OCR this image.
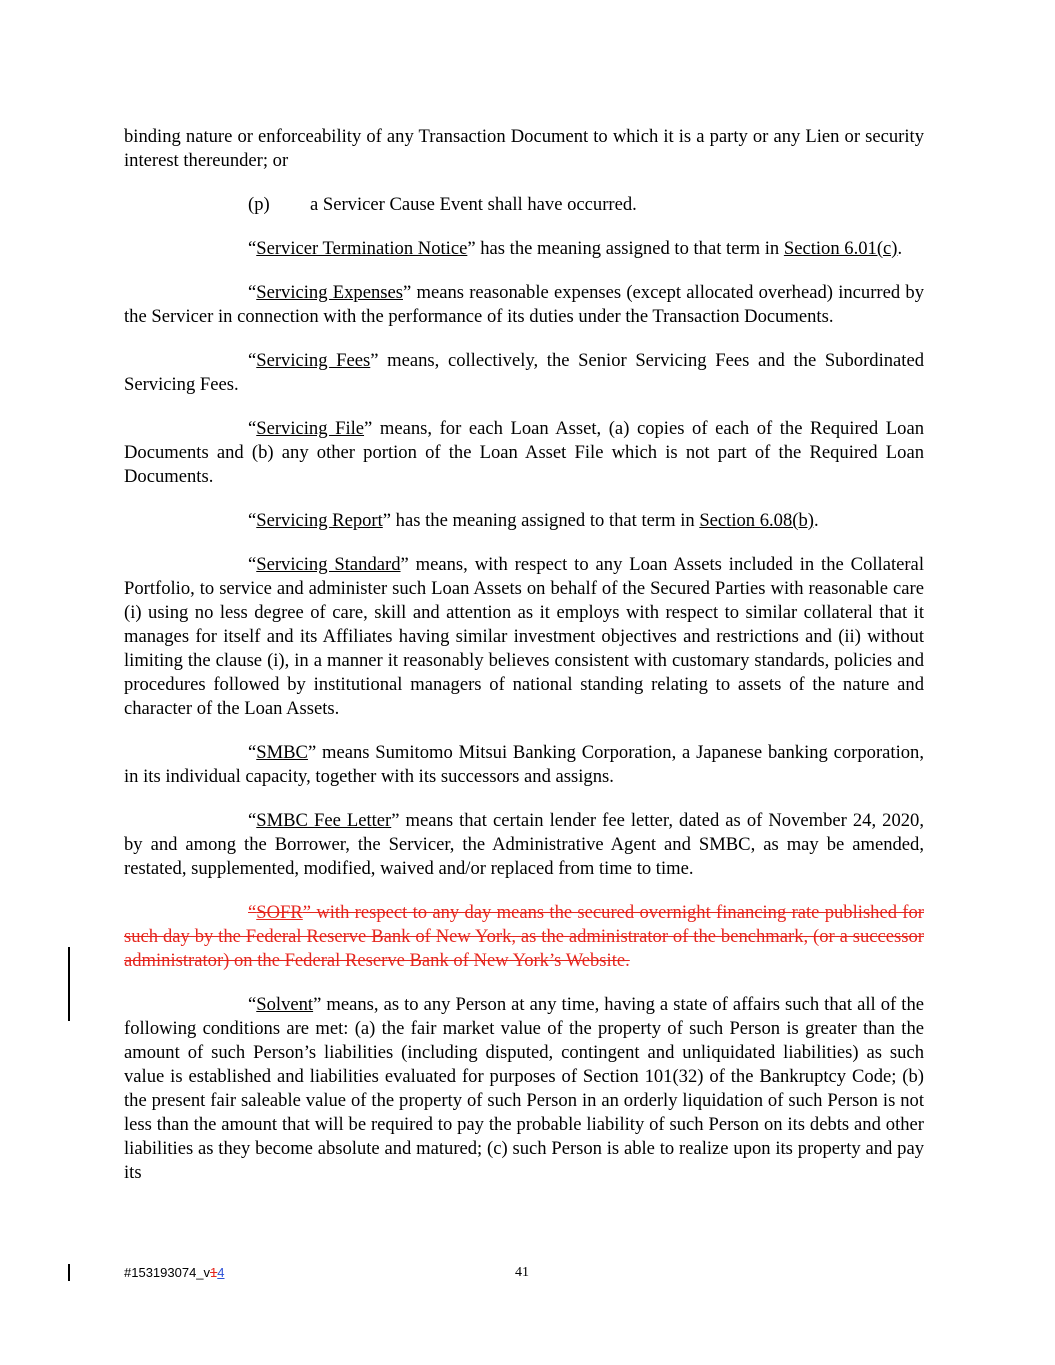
binding nature or enforceability of any Transaction Document to which it is a party or any Lien or security interest thereunder; or

(p) a Servicer Cause Event shall have occurred.

“Servicer Termination Notice” has the meaning assigned to that term in Section 6.01(c).

“Servicing Expenses” means reasonable expenses (except allocated overhead) incurred by the Servicer in connection with the performance of its duties under the Transaction Documents.

“Servicing Fees” means, collectively, the Senior Servicing Fees and the Subordinated Servicing Fees.

“Servicing File” means, for each Loan Asset, (a) copies of each of the Required Loan Documents and (b) any other portion of the Loan Asset File which is not part of the Required Loan Documents.

“Servicing Report” has the meaning assigned to that term in Section 6.08(b).

“Servicing Standard” means, with respect to any Loan Assets included in the Collateral Portfolio, to service and administer such Loan Assets on behalf of the Secured Parties with reasonable care (i) using no less degree of care, skill and attention as it employs with respect to similar collateral that it manages for itself and its Affiliates having similar investment objectives and restrictions and (ii) without limiting the clause (i), in a manner it reasonably believes consistent with customary standards, policies and procedures followed by institutional managers of national standing relating to assets of the nature and character of the Loan Assets.

“SMBC” means Sumitomo Mitsui Banking Corporation, a Japanese banking corporation, in its individual capacity, together with its successors and assigns.

“SMBC Fee Letter” means that certain lender fee letter, dated as of November 24, 2020, by and among the Borrower, the Servicer, the Administrative Agent and SMBC, as may be amended, restated, supplemented, modified, waived and/or replaced from time to time.

“SOFR” with respect to any day means the secured overnight financing rate published for such day by the Federal Reserve Bank of New York, as the administrator of the benchmark, (or a successor administrator) on the Federal Reserve Bank of New York’s Website.

“Solvent” means, as to any Person at any time, having a state of affairs such that all of the following conditions are met: (a) the fair market value of the property of such Person is greater than the amount of such Person’s liabilities (including disputed, contingent and unliquidated liabilities) as such value is established and liabilities evaluated for purposes of Section 101(32) of the Bankruptcy Code; (b) the present fair saleable value of the property of such Person in an orderly liquidation of such Person is not less than the amount that will be required to pay the probable liability of such Person on its debts and other liabilities as they become absolute and matured; (c) such Person is able to realize upon its property and pay its

#153193074_v14	41
